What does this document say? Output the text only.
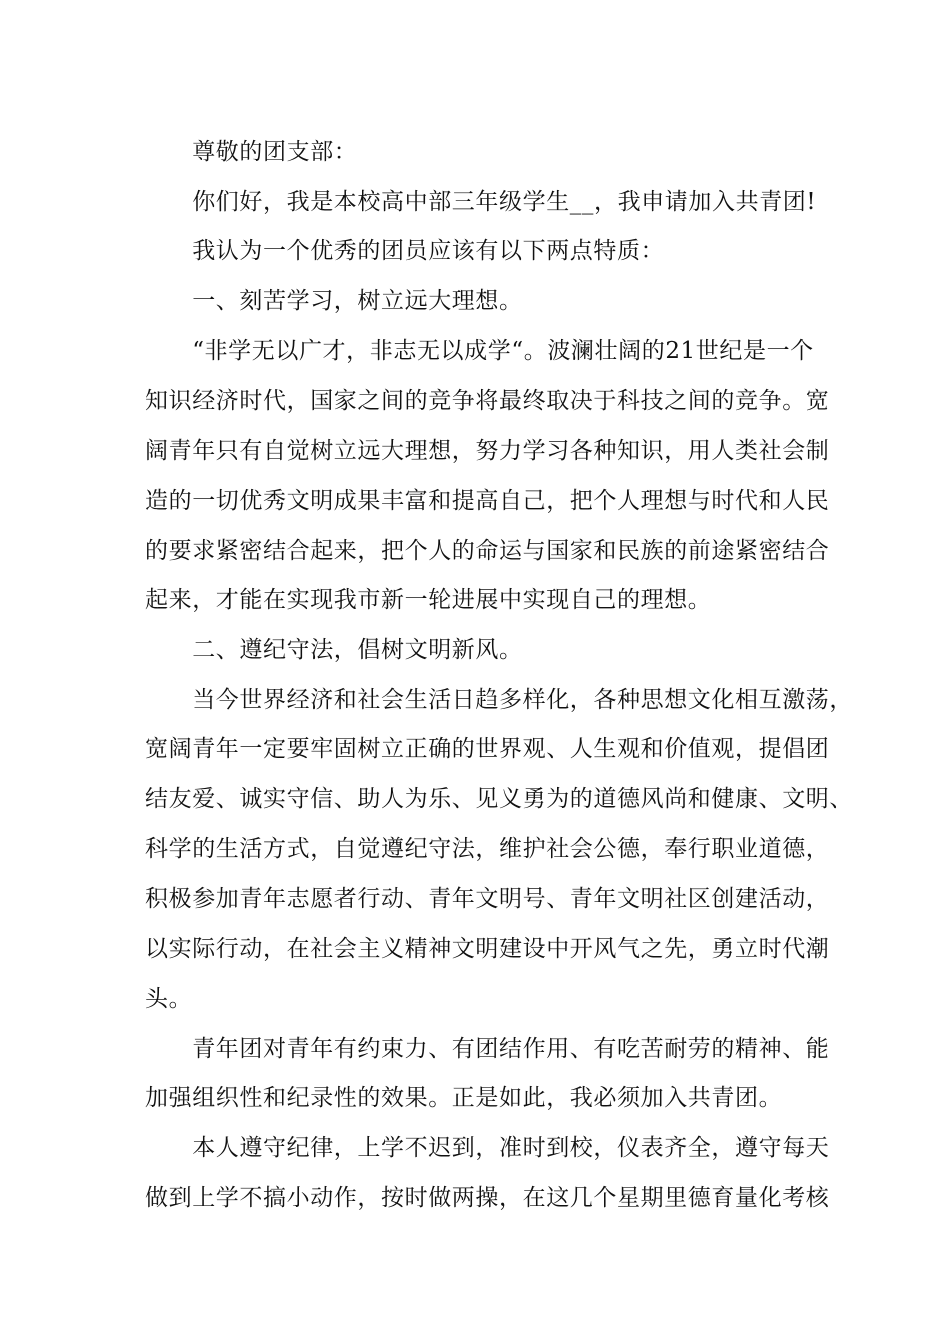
　　尊敬的团支部：
　　你们好，我是本校高中部三年级学生__，我申请加入共青团!
　　我认为一个优秀的团员应该有以下两点特质：
　　一、刻苦学习，树立远大理想。
　　“非学无以广才，非志无以成学“。波澜壮阔的21世纪是一个
知识经济时代，国家之间的竞争将最终取决于科技之间的竞争。宽
阔青年只有自觉树立远大理想，努力学习各种知识，用人类社会制
造的一切优秀文明成果丰富和提高自己，把个人理想与时代和人民
的要求紧密结合起来，把个人的命运与国家和民族的前途紧密结合
起来，才能在实现我市新一轮进展中实现自己的理想。
　　二、遵纪守法，倡树文明新风。
　　当今世界经济和社会生活日趋多样化，各种思想文化相互激荡，
宽阔青年一定要牢固树立正确的世界观、人生观和价值观，提倡团
结友爱、诚实守信、助人为乐、见义勇为的道德风尚和健康、文明、
科学的生活方式，自觉遵纪守法，维护社会公德，奉行职业道德，
积极参加青年志愿者行动、青年文明号、青年文明社区创建活动，
以实际行动，在社会主义精神文明建设中开风气之先，勇立时代潮
头。
　　青年团对青年有约束力、有团结作用、有吃苦耐劳的精神、能
加强组织性和纪录性的效果。正是如此，我必须加入共青团。
　　本人遵守纪律，上学不迟到，准时到校，仪表齐全，遵守每天
做到上学不搞小动作，按时做两操，在这几个星期里德育量化考核
